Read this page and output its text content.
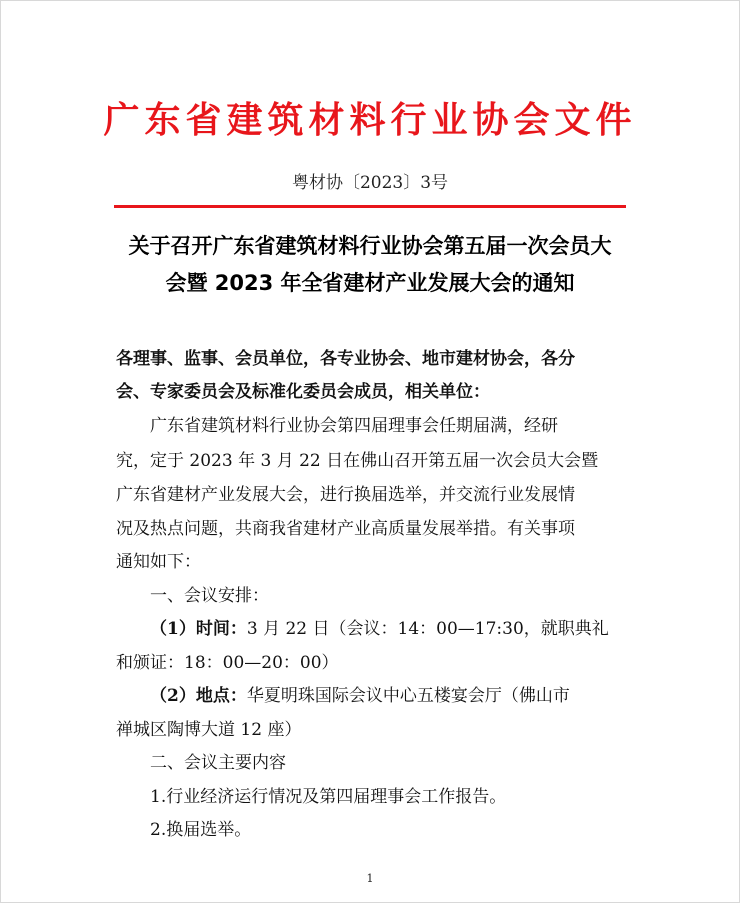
广东省建筑材料行业协会文件
粤材协〔2023〕3号
关于召开广东省建筑材料行业协会第五届一次会员大
会暨 2023 年全省建材产业发展大会的通知
各理事、监事、会员单位，各专业协会、地市建材协会，各分
会、专家委员会及标准化委员会成员，相关单位：
广东省建筑材料行业协会第四届理事会任期届满，经研
究，定于 2023 年 3 月 22 日在佛山召开第五届一次会员大会暨
广东省建材产业发展大会，进行换届选举，并交流行业发展情
况及热点问题，共商我省建材产业高质量发展举措。有关事项
通知如下：
一、会议安排：
（1）时间：3 月 22 日（会议：14：00—17:30，就职典礼
和颁证：18：00—20：00）
（2）地点：华夏明珠国际会议中心五楼宴会厅（佛山市
禅城区陶博大道 12 座）
二、会议主要内容
1.行业经济运行情况及第四届理事会工作报告。
2.换届选举。
1
